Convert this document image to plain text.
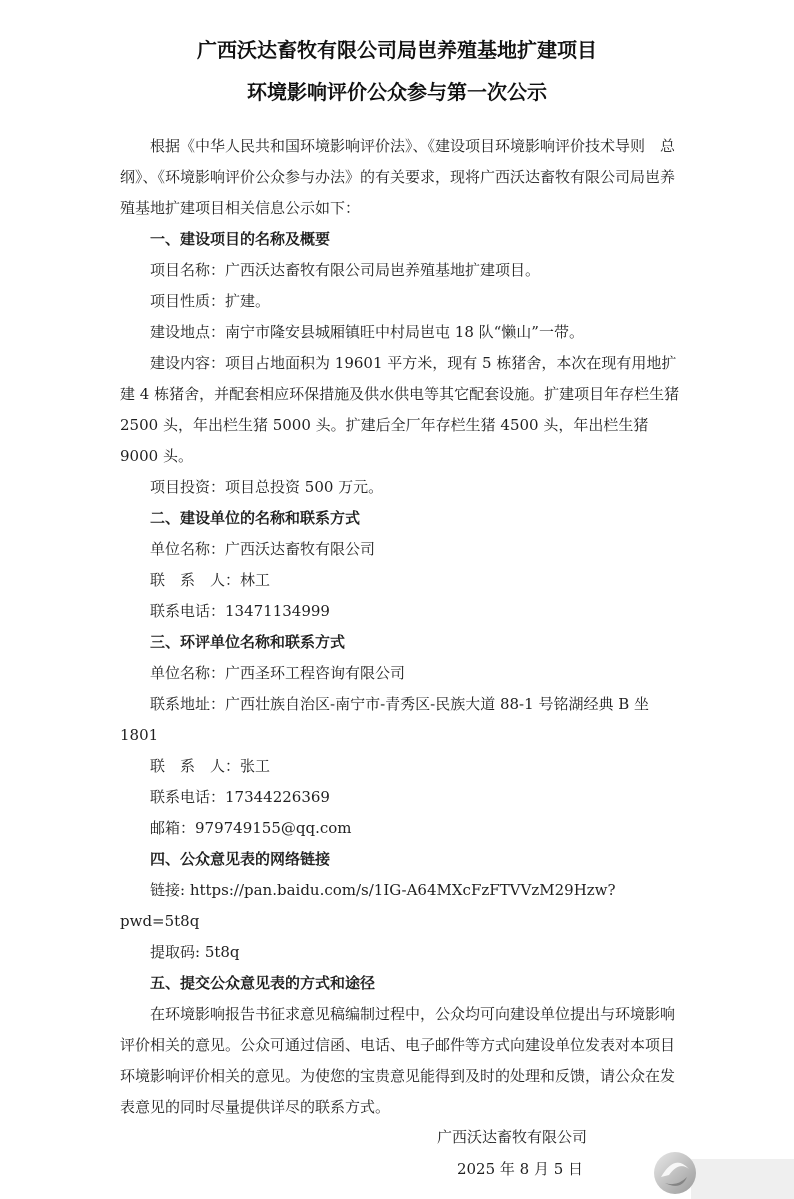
广西沃达畜牧有限公司局岜养殖基地扩建项目
环境影响评价公众参与第一次公示

根据《中华人民共和国环境影响评价法》、《建设项目环境影响评价技术导则　总纲》、《环境影响评价公众参与办法》的有关要求，现将广西沃达畜牧有限公司局岜养殖基地扩建项目相关信息公示如下：

一、建设项目的名称及概要

项目名称：广西沃达畜牧有限公司局岜养殖基地扩建项目。

项目性质：扩建。

建设地点：南宁市隆安县城厢镇旺中村局岜屯 18 队“懒山”一带。

建设内容：项目占地面积为 19601 平方米，现有 5 栋猪舍，本次在现有用地扩建 4 栋猪舍，并配套相应环保措施及供水供电等其它配套设施。扩建项目年存栏生猪 2500 头，年出栏生猪 5000 头。扩建后全厂年存栏生猪 4500 头，年出栏生猪 9000 头。

项目投资：项目总投资 500 万元。

二、建设单位的名称和联系方式

单位名称：广西沃达畜牧有限公司

联　系　人：林工

联系电话：13471134999

三、环评单位名称和联系方式

单位名称：广西圣环工程咨询有限公司

联系地址：广西壮族自治区-南宁市-青秀区-民族大道 88-1 号铭湖经典 B 坐 1801

联　系　人：张工

联系电话：17344226369

邮箱：979749155@qq.com

四、公众意见表的网络链接

链接: https://pan.baidu.com/s/1IG-A64MXcFzFTVVzM29Hzw?pwd=5t8q

提取码: 5t8q

五、提交公众意见表的方式和途径

在环境影响报告书征求意见稿编制过程中，公众均可向建设单位提出与环境影响评价相关的意见。公众可通过信函、电话、电子邮件等方式向建设单位发表对本项目环境影响评价相关的意见。为使您的宝贵意见能得到及时的处理和反馈，请公众在发表意见的同时尽量提供详尽的联系方式。

广西沃达畜牧有限公司
2025 年 8 月 5 日
